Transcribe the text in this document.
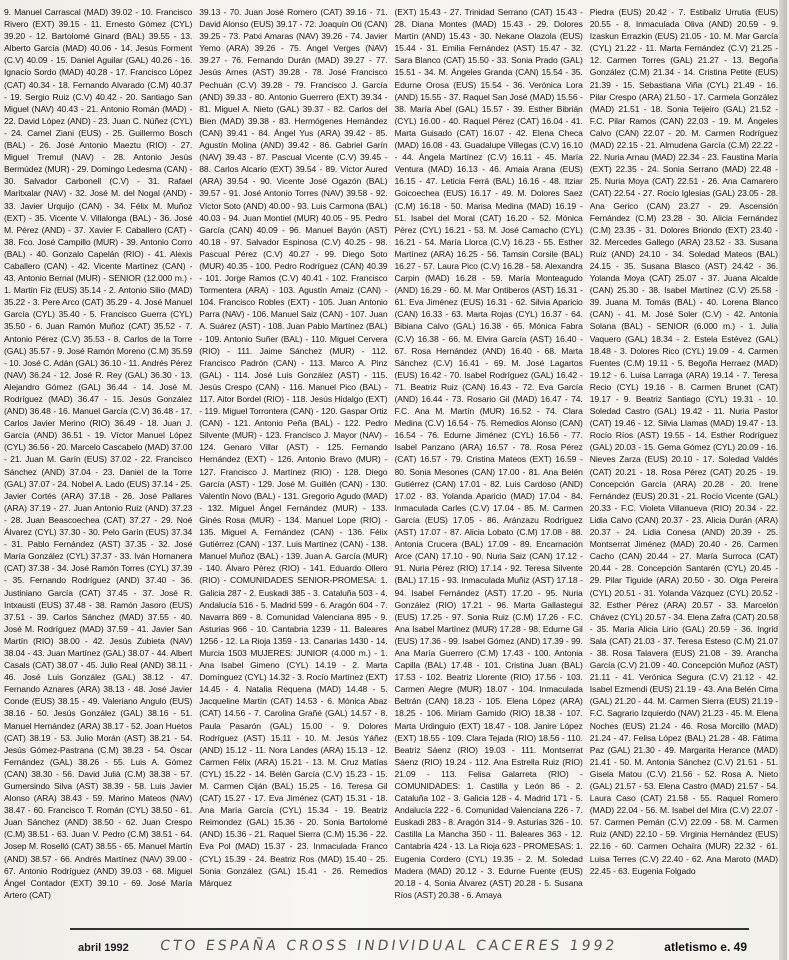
9. Manuel Carrascal (MAD) 39.02 - 10. Francisco Rivero (EXT) 39.15 - 11. Ernesto Gómez (CYL) 39.20 - 12. Bartolomé Ginard (BAL) 39.55 - 13. Alberto García (MAD) 40.06 - 14. Jesús Forment (C.V) 40.09 - 15. Daniel Aguilar (GAL) 40.26 - 16. Ignacio Sordo (MAD) 40.28 - 17. Francisco López (CAT) 40.34 - 18. Fernando Alvarado (C.M) 40.37 - 19. Sergio Ruiz (C.V) 40.42 - 20. Santiago San Miguel (NAV) 40.43 - 21. Antonio Román (MAD) - 22. David López (AND) - 23. Juan C. Núñez (CYL) - 24. Camel Ziani (EUS) - 25. Guillermo Bosch (BAL) - 26. José Antonio Maeztu (RIO) - 27. Miguel Tremul (NAV) - 28. Antonio Jesús Bermúdez (MUR) - 29. Domingo Ledesma (CAN) - 30. Salvador Carbonell (C.V) - 31. Rafael Maritxalar (NAV) - 32. José M. del Nogal (AND) - 33. Javier Urquijo (CAN) - 34. Félix M. Muñoz (EXT) - 35. Vicente V. Villalonga (BAL) - 36. José M. Pérez (AND) - 37. Xavier F. Caballero (CAT) - 38. Fco. José Campillo (MUR) - 39. Antonio Corro (BAL) - 40. Gonzalo Capelán (RIO) - 41. Alexis Caballero (CAN) - 42. Vicente Martínez (CAN) - 43. Antonio Bernal (MUR) - SENIOR (12.000 m.) - 1. Martín Fiz (EUS) 35.14 - 2. Antonio Silio (MAD) 35.22 - 3. Pere Arco (CAT) 35.29 - 4. José Manuel García (CYL) 35.40 - 5. Francisco Guerra (CYL) 35.50 - 6. Juan Ramón Muñoz (CAT) 35.52 - 7. Antonio Pérez (C.V) 35.53 - 8. Carlos de la Torre (GAL) 35.57 - 9. José Ramón Moreno (C.M) 35.59 - 10. José C. Adán (GAL) 36.10 - 11. Andrés Pérez (NAV) 36.24 - 12. José R. Rey (GAL) 36.30 - 13. Alejandro Gómez (GAL) 36.44 - 14. José M. Rodríguez (MAD) 36.47 - 15. Jesús González (AND) 36.48 - 16. Manuel García (C.V) 36.48 - 17. Carlos Javier Merino (RIO) 36.49 - 18. Juan J. García (AND) 36.51 - 19. Víctor Manuel López (CYL) 36.56 - 20. Marcelo Cascabelo (MAD) 37.00 - 21. Juan M. Garín (EUS) 37.02 - 22. Francisco Sánchez (AND) 37.04 - 23. Daniel de la Torre (GAL) 37.07 - 24. Nobel A. Lado (EUS) 37.14 - 25. Javier Cortés (ARA) 37.18 - 26. José Pallares (ARA) 37.19 - 27. Juan Antonio Ruiz (AND) 37.23 - 28. Juan Beascoechea (CAT) 37.27 - 29. Noé Álvarez (CYL) 37.30 - 30. Pelo Garín (EUS) 37.34 - 31. Pablo Fernández (AST) 37.35 - 32. José María González (CYL) 37.37 - 33. Iván Hornanera (CAT) 37.38 - 34. José Ramón Torres (CYL) 37.39 - 35. Fernando Rodríguez (AND) 37.40 - 36. Justiniano García (CAT) 37.45 - 37. José R. Intxausti (EUS) 37.48 - 38. Ramón Jasoro (EUS) 37.51 - 39. Carlos Sánchez (MAD) 37.55 - 40. José M. Rodríguez (MAD) 37.59 - 41. Javier San Martín (RIO) 38.00 - 42. Jesús Zubieta (NAV) 38.04 - 43. Juan Martínez (GAL) 38.07 - 44. Albert Casals (CAT) 38.07 - 45. Julio Real (AND) 38.11 - 46. José Luis González (GAL) 38.12 - 47. Fernando Aznares (ARA) 38.13 - 48. José Javier Conde (EUS) 38.15 - 49. Valeriano Angulo (EUS) 38.16 - 50. Jesús González (GAL) 38.16 - 51. Manuel Hernández (ARA) 38.17 - 52. Joan Huetos (CAT) 38.19 - 53. Julio Morán (AST) 38.21 - 54. Jesús Gómez-Pastrana (C.M) 38.23 - 54. Óscar Fernández (GAL) 38.26 - 55. Luis A. Gómez (CAN) 38.30 - 56. David Julià (C.M) 38.38 - 57. Gumersindo Silva (AST) 38.39 - 58. Luis Javier Alonso (ARA) 38.43 - 59. Marino Mateos (NAV) 38.47 - 60. Francisco T. Román (CYL) 38.50 - 61. Juan Sánchez (AND) 38.50 - 62. Juan Crespo (C.M) 38.51 - 63. Juan V. Pedro (C.M) 38.51 - 64. Josep M. Roselló (CAT) 38.55 - 65. Manuel Martín (AND) 38.57 - 66. Andrés Martínez (NAV) 39.00 - 67. Antonio Rodríguez (AND) 39.03 - 68. Miguel Ángel Contador (EXT) 39.10 - 69. José María Artero (CAT)

39.13 - 70. Juan José Romero (CAT) 39.16 - 71. David Alonso (EUS) 39.17 - 72. Joaquín Oti (CAN) 39.25 - 73. Patxi Amaras (NAV) 39.26 - 74. Javier Yemo (ARA) 39.26 - 75. Ángel Verges (NAV) 39.27 - 76. Fernando Durán (MAD) 39.27 - 77. Jesús Arnes (AST) 39.28 - 78. José Francisco Pechuán (C.V) 39.28 - 79. Francisco J. García (AND) 39.33 - 80. Antonio Guerrero (EXT) 39.34 - 81. Miguel A. Nieto (GAL) 39.37 - 82. Carlos del Bien (MAD) 39.38 - 83. Hermógenes Hernández (CAN) 39.41 - 84. Ángel Yus (ARA) 39.42 - 85. Agustín Molina (AND) 39.42 - 86. Gabriel Garín (NAV) 39.43 - 87. Pascual Vicente (C.V) 39.45 - 88. Carlos Alcario (EXT) 39.54 - 89. Víctor Aured (ARA) 39.54 - 90. Vicente José Ogazón (BAL) 39.57 - 91. José Antonio Torres (NAV) 39.58 - 92. Víctor Soto (AND) 40.00 - 93. Luis Carmona (BAL) 40.03 - 94. Juan Montiel (MUR) 40.05 - 95. Pedro García (CAN) 40.09 - 96. Manuel Bayón (AST) 40.18 - 97. Salvador Espinosa (C.V) 40.25 - 98. Pascual Pérez (C.V) 40.27 - 99. Diego Soto (MUR) 40.35 - 100. Pedro Rodríguez (CAN) 40.39 - 101. Jorge Ramos (C.V) 40.41 - 102. Francisco Tormentera (ARA) - 103. Agustín Amaiz (CAN) - 104. Francisco Robles (EXT) - 105. Juan Antonio Parra (NAV) - 106. Manuel Saiz (CAN) - 107. Juan A. Suárez (AST) - 108. Juan Pablo Martínez (BAL) - 109. Antonio Suñer (BAL) - 110. Miguel Cervera (RIO) - 111. Jaime Sánchez (MUR) - 112. Francisco Padrón (CAN) - 113. Marco A. Pinz (GAL) - 114. José Luis González (AST) - 115. Jesús Crespo (CAN) - 116. Manuel Pico (BAL) - 117. Aitor Bordel (RIO) - 118. Jesús Hidalgo (EXT) - 119. Miguel Torrontera (CAN) - 120. Gaspar Ortiz (CAN) - 121. Antonio Peña (BAL) - 122. Pedro Silvente (MUR) - 123. Francisco J. Mayor (NAV) - 124. Genaro Villar (AST) - 125. Fernando Hernández (EXT) - 126. Antonio Bravo (MUR) - 127. Francisco J. Martínez (RIO) - 128. Diego García (AST) - 129. José M. Guillén (CAN) - 130. Valentín Novo (BAL) - 131. Gregorio Agudo (MAD) - 132. Miguel Ángel Fernández (MUR) - 133. Ginés Rosa (MUR) - 134. Manuel Lope (RIO) - 135. Miguel A. Fernández (CAN) - 136. Félix Gutiérrez (CAN) - 137. Luis Martínez (CAN) - 138. Manuel Muñoz (BAL) - 139. Juan A. García (MUR) - 140. Álvaro Pérez (RIO) - 141. Eduardo Ollero (RIO) - COMUNIDADES SENIOR-PROMESA: 1. Galicia 287 - 2. Euskadi 385 - 3. Cataluña 503 - 4. Andalucía 516 - 5. Madrid 599 - 6. Aragón 604 - 7. Navarra 869 - 8. Comunidad Valenciana 895 - 9. Asturias 966 - 10. Cantabria 1239 - 11. Baleares 1256 - 12. La Rioja 1359 - 13. Canarias 1430 - 14. Murcia 1503 MUJERES: JUNIOR (4.000 m.) - 1. Ana Isabel Gimeno (CYL) 14.19 - 2. Marta Domínguez (CYL) 14.32 - 3. Rocío Martínez (EXT) 14.45 - 4. Natalia Requena (MAD) 14.48 - 5. Jacqueline Martín (CAT) 14.53 - 6. Mónica Abaz (CAT) 14.56 - 7. Carolina Grañé (GAL) 14.57 - 8. Paula Pasarón (GAL) 15.00 - 9. Dolores Rodríguez (AST) 15.11 - 10. M. Jesús Yáñez (AND) 15.12 - 11. Nora Landes (ARA) 15.13 - 12. Carmen Félix (ARA) 15.21 - 13. M. Cruz Matías (CYL) 15.22 - 14. Belén García (C.V) 15.23 - 15. M. Carmen Ciján (BAL) 15.25 - 16. Teresa Gil (CAT) 15.27 - 17. Eva Jiménez (CAT) 15.31 - 18. Ana María García (CYL) 15.34 - 19. Beatriz Reimondez (GAL) 15.36 - 20. Sonia Bartolomé (AND) 15.36 - 21. Raquel Sierra (C.M) 15.36 - 22. Eva Pol (MAD) 15.37 - 23. Inmaculada Franco (CYL) 15.39 - 24. Beatriz Ros (MAD) 15.40 - 25. Sonia González (GAL) 15.41 - 26. Remedios Márquez

(EXT) 15.43 - 27. Trinidad Serrano (CAT) 15.43 - 28. Diana Montes (MAD) 15.43 - 29. Dolores Martín (AND) 15.43 - 30. Nekane Olazola (EUS) 15.44 - 31. Emilia Fernández (AST) 15.47 - 32. Sara Blanco (CAT) 15.50 - 33. Sonia Prado (GAL) 15.51 - 34. M. Ángeles Granda (CAN) 15.54 - 35. Edurne Orosa (EUS) 15.54 - 36. Verónica Lora (AND) 15.55 - 37. Raquel San José (MAD) 15.56 - 38. María Abel (GAL) 15.57 - 39. Esther Bibrián (CYL) 16.00 - 40. Raquel Pérez (CAT) 16.04 - 41. Marta Guisado (CAT) 16.07 - 42. Elena Checa (MAD) 16.08 - 43. Guadalupe Villegas (C.V) 16.10 - 44. Ángela Martínez (C.V) 16.11 - 45. María Ventura (MAD) 16.13 - 46. Amaia Arana (EUS) 16.15 - 47. Leticia Ferrá (BAL) 16.16 - 48. Itziar Goicoechea (EUS) 16.17 - 49. M. Dolores Saez (C.M) 16.18 - 50. Marisa Medina (MAD) 16.19 - 51. Isabel del Moral (CAT) 16.20 - 52. Mónica Pérez (CYL) 16.21 - 53. M. José Camacho (CYL) 16.21 - 54. María Llorca (C.V) 16.23 - 55. Esther Martínez (ARA) 16.25 - 56. Tamsin Corsile (BAL) 16.27 - 57. Laura Pico (C.V) 16.28 - 58. Alexandra Carpin (MAD) 16.28 - 59. María Monteagudo (AND) 16.29 - 60. M. Mar Ontiberos (AST) 16.31 - 61. Eva Jiménez (EUS) 16.31 - 62. Silvia Aparicio (CAN) 16.33 - 63. Marta Rojas (CYL) 16.37 - 64. Bibiana Calvo (GAL) 16.38 - 65. Mónica Fabra (C.V) 16.38 - 66. M. Elvira García (AST) 16.40 - 67. Rosa Hernández (AND) 16.40 - 68. Marta Sánchez (C.V) 16.41 - 69. M. José Lagartos (EUS) 16.42 - 70. Isabel Rodríguez (GAL) 16.42 - 71. Beatriz Ruiz (CAN) 16.43 - 72. Eva García (AND) 16.44 - 73. Rosario Gil (MAD) 16.47 - 74. F.C. Ana M. Martín (MUR) 16.52 - 74. Clara Medina (C.V) 16.54 - 75. Remedios Alonso (CAN) 16.54 - 76. Edurne Jiménez (CYL) 16.56 - 77. Isabel Panzano (ARA) 16.57 - 78. Rosa Pérez (CAT) 16.57 - 79. Cristina Mateos (EXT) 16.59 - 80. Sonia Mesones (CAN) 17.00 - 81. Ana Belén Gutiérrez (CAN) 17.01 - 82. Luis Cardoso (AND) 17.02 - 83. Yolanda Aparicio (MAD) 17.04 - 84. Inmaculada Carles (C.V) 17.04 - 85. M. Carmen García (EUS) 17.05 - 86. Aránzazu Rodríguez (AST) 17.07 - 87. Alicia Lobato (C.M) 17.08 - 88. Antonia Crucera (BAL) 17.09 - 89. Encarnación Arce (CAN) 17.10 - 90. Nuria Saiz (CAN) 17.12 - 91. Nuria Pérez (RIO) 17.14 - 92. Teresa Silvente (BAL) 17.15 - 93. Inmaculada Muñiz (AST) 17.18 - 94. Isabel Fernández (AST) 17.20 - 95. Nuria González (RIO) 17.21 - 96. Marta Gallastegui (EUS) 17.25 - 97. Sonia Ruiz (C.M) 17.26 - F.C. Ana Isabel Martínez (MUR) 17.28 - 98. Edurne Gil (EUS) 17.36 - 99. Isabel Gómez (AND) 17.39 - 99. Ana María Guerrero (C.M) 17.43 - 100. Antonia Capilla (BAL) 17.48 - 101. Cristina Juan (BAL) 17.53 - 102. Beatriz Llorente (RIO) 17.56 - 103. Carmen Alegre (MUR) 18.07 - 104. Inmaculada Beltrán (CAN) 18.23 - 105. Elena López (ARA) 18.25 - 106. Miriam Gamido (RIO) 18.38 - 107. Marta Urdinguio (EXT) 18.47 - 108. Janire López (EXT) 18.55 - 109. Clara Tejada (RIO) 18.56 - 110. Beatriz Sáenz (RIO) 19.03 - 111. Montserrat Sáenz (RIO) 19.24 - 112. Ana Estrella Ruiz (RIO) 21.09 - 113. Felisa Galarreta (RIO) - COMUNIDADES: 1. Castilla y León 86 - 2. Cataluña 102 - 3. Galicia 128 - 4. Madrid 171 - 5. Andalucía 222 - 6. Comunidad Valenciana 226 - 7. Euskadi 283 - 8. Aragón 314 - 9. Asturias 326 - 10. Castilla La Mancha 350 - 11. Baleares 363 - 12. Cantabria 424 - 13. La Rioja 623 - PROMESAS: 1. Eugenia Cordero (CYL) 19.35 - 2. M. Soledad Madera (MAD) 20.12 - 3. Edurne Fuente (EUS) 20.18 - 4. Sonia Álvarez (AST) 20.28 - 5. Susana Ríos (AST) 20.38 - 6. Amaya

Piedra (EUS) 20.42 - 7. Estibaliz Urrutia (EUS) 20.55 - 8. Inmaculada Oliva (AND) 20.59 - 9. Izaskun Errazkin (EUS) 21.05 - 10. M. Mar García (CYL) 21.22 - 11. Marta Fernández (C.V) 21.25 - 12. Carmen Torres (GAL) 21.27 - 13. Begoña González (C.M) 21.34 - 14. Cristina Petite (EUS) 21.39 - 15. Sebastiana Viña (CYL) 21.49 - 16. Pilar Crespo (ARA) 21.50 - 17. Carmela González (MAD) 21.51 - 18. Sonia Teijeiro (GAL) 21.52 - F.C. Pilar Ramos (CAN) 22.03 - 19. M. Ángeles Calvo (CAN) 22.07 - 20. M. Carmen Rodríguez (MAD) 22.15 - 21. Almudena García (C.M) 22.22 - 22. Nuria Arnau (MAD) 22.34 - 23. Faustina María (EXT) 22.35 - 24. Sonia Serrano (MAD) 22.48 - 25. Nuria Moya (CAT) 22.51 - 26. Ana Camarero (CAT) 22.54 - 27. Rocío Iglesias (GAL) 23.05 - 28. Ana Gerico (CAN) 23.27 - 29. Ascensión Fernández (C.M) 23.28 - 30. Alicia Fernández (C.M) 23.35 - 31. Dolores Briondo (EXT) 23.40 - 32. Mercedes Gallego (ARA) 23.52 - 33. Susana Ruiz (AND) 24.10 - 34. Soledad Mateos (BAL) 24.15 - 35. Susana Blasco (AST) 24.42 - 36. Yolanda Moya (CAT) 25.07 - 37. Juana Alcalde (CAN) 25.30 - 38. Isabel Martínez (C.V) 25.58 - 39. Juana M. Tomás (BAL) - 40. Lorena Blanco (CAN) - 41. M. José Soler (C.V) - 42. Antonia Solana (BAL) - SENIOR (6.000 m.) - 1. Julia Vaquero (GAL) 18.34 - 2. Estela Estévez (GAL) 18.48 - 3. Dolores Rico (CYL) 19.09 - 4. Carmen Fuentes (C.M) 19.11 - 5. Begoña Herraez (MAD) 19.12 - 6. Luisa Larraga (ARA) 19.14 - 7. Teresa Recio (CYL) 19.16 - 8. Carmen Brunet (CAT) 19.17 - 9. Beatriz Santiago (CYL) 19.31 - 10. Soledad Castro (GAL) 19.42 - 11. Nuria Pastor (CAT) 19.46 - 12. Silvia Llamas (MAD) 19.47 - 13. Rocío Ríos (AST) 19.55 - 14. Esther Rodríguez (GAL) 20.03 - 15. Gema Gómez (CYL) 20.09 - 16. Nieves Zarza (EUS) 20.10 - 17. Soledad Valdés (CAT) 20.21 - 18. Rosa Pérez (CAT) 20.25 - 19. Concepción García (ARA) 20.28 - 20. Irene Fernández (EUS) 20.31 - 21. Rocío Vicente (GAL) 20.33 - F.C. Violeta Villanueva (RIO) 20.34 - 22. Lidia Calvo (CAN) 20.37 - 23. Alicia Durán (ARA) 20.37 - 24. Lidia Conesa (AND) 20.39 - 25. Montserrat Jiménez (MAD) 20.40 - 26. Carmen Cacho (CAN) 20.44 - 27. María Surroca (CAT) 20.44 - 28. Concepción Santarén (CYL) 20.45 - 29. Pilar Tiguide (ARA) 20.50 - 30. Olga Pereira (CYL) 20.51 - 31. Yolanda Vázquez (CYL) 20.52 - 32. Esther Pérez (ARA) 20.57 - 33. Marcelón Chávez (CYL) 20.57 - 34. Elena Zafra (CAT) 20.58 - 35. María Alicia Lirio (GAL) 20.59 - 36. Ingrid Sala (CAT) 21.03 - 37. Teresa Esteso (C.M) 21.07 - 38. Rosa Talavera (EUS) 21.08 - 39. Arancha García (C.V) 21.09 - 40. Concepción Muñoz (AST) 21.11 - 41. Verónica Segura (C.V) 21.12 - 42. Isabel Ezmendi (EUS) 21.19 - 43. Ana Belén Cima (GAL) 21.20 - 44. M. Carmen Sierra (EUS) 21.19 - F.C. Sagrario Izquierdo (NAV) 21.23 - 45. M. Elena Noches (EUS) 21.24 - 46. Rosa Morcillo (MAD) 21.24 - 47. Felisa López (BAL) 21.28 - 48. Fátima Paz (GAL) 21.30 - 49. Margarita Herance (MAD) 21.41 - 50. M. Antonia Sánchez (C.V) 21.51 - 51. Gisela Matou (C.V) 21.56 - 52. Rosa A. Nieto (GAL) 21.57 - 53. Elena Castro (MAD) 21.57 - 54. Laura Caso (CAT) 21.58 - 55. Raquel Romero (MAD) 22.04 - 56. M. Isabel del Mira (C.V) 22.07 - 57. Carmen Pemán (C.V) 22.09 - 58. M. Carmen Ruiz (AND) 22.10 - 59. Virginia Hernández (EUS) 22.16 - 60. Carmen Ochaíra (MUR) 22.32 - 61. Luisa Terres (C.V) 22.40 - 62. Ana Maroto (MAD) 22.45 - 63. Eugenia Folgado

abril 1992 CTO ESPAÑA CROSS INDIVIDUAL CACERES 1992	atletismo e. 49
